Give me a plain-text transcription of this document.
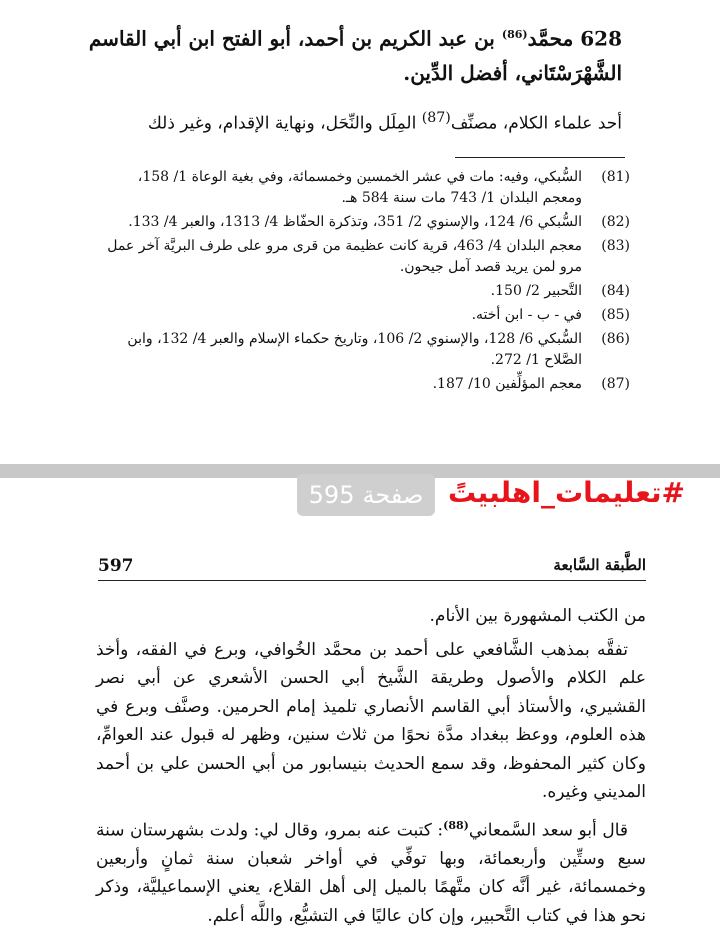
628 محمَّد$^{(86)}$ بن عبد الكريم بن أحمد، أبو الفتح ابن أبي القاسم الشَّهْرَسْتَاني، أفضل الدِّين.
أحد علماء الكلام، مصنِّف$^{(87)}$ المِلَل والنِّحَل، ونهاية الإقدام، وغير ذلك
(81)
السُّبكي، وفيه: مات في عشر الخمسين وخمسمائة، وفي بغية الوعاة 1/ 158، ومعجم البلدان 1/ 743 مات سنة 584 هـ.
(82)
السُّبكي 6/ 124، والإسنوي 2/ 351، وتذكرة الحفّاظ 4/ 1313، والعبر 4/ 133.
(83)
معجم البلدان 4/ 463، قرية كانت عظيمة من قرى مرو على طرف البريَّة آخر عمل مرو لمن يريد قصد آمل جيحون.
(84)
التَّحبير 2/ 150.
(85)
في - ب - ابن أخته.
(86)
السُّبكي 6/ 128، والإسنوي 2/ 106، وتاريخ حكماء الإسلام والعبر 4/ 132، وابن الصَّلاح 1/ 272.
(87)
معجم المؤلِّفين 10/ 187.
صفحة
595	#تعليمات_اهلبيتً
597	الطَّبقة السَّابعة

من الكتب المشهورة بين الأنام.

تفقَّه بمذهب الشَّافعي على أحمد بن محمَّد الخُوافي، وبرع في الفقه، وأخذ علم الكلام والأصول وطريقة الشَّيخ أبي الحسن الأشعري عن أبي نصر القشيري، والأستاذ أبي القاسم الأنصاري تلميذ إمام الحرمين. وصنَّف وبرع في هذه العلوم، ووعظ ببغداد مدَّة نحوًا من ثلاث سنين، وظهر له قبول عند العوامِّ، وكان كثير المحفوظ، وقد سمع الحديث بنيسابور من أبي الحسن علي بن أحمد المديني وغيره.

قال أبو سعد السَّمعاني$^{(88)}$: كتبت عنه بمرو، وقال لي: ولدت بشهرستان سنة سبع وستِّين وأربعمائة، وبها توفِّي في أواخر شعبان سنة ثمانٍ وأربعين وخمسمائة، غير أنَّه كان متَّهمًا بالميل إلى أهل القلاع، يعني الإسماعيليَّة، وذكر نحو هذا في كتاب التَّحبير، وإن كان عاليًا في التشيُّع، واللَّه أعلم.
